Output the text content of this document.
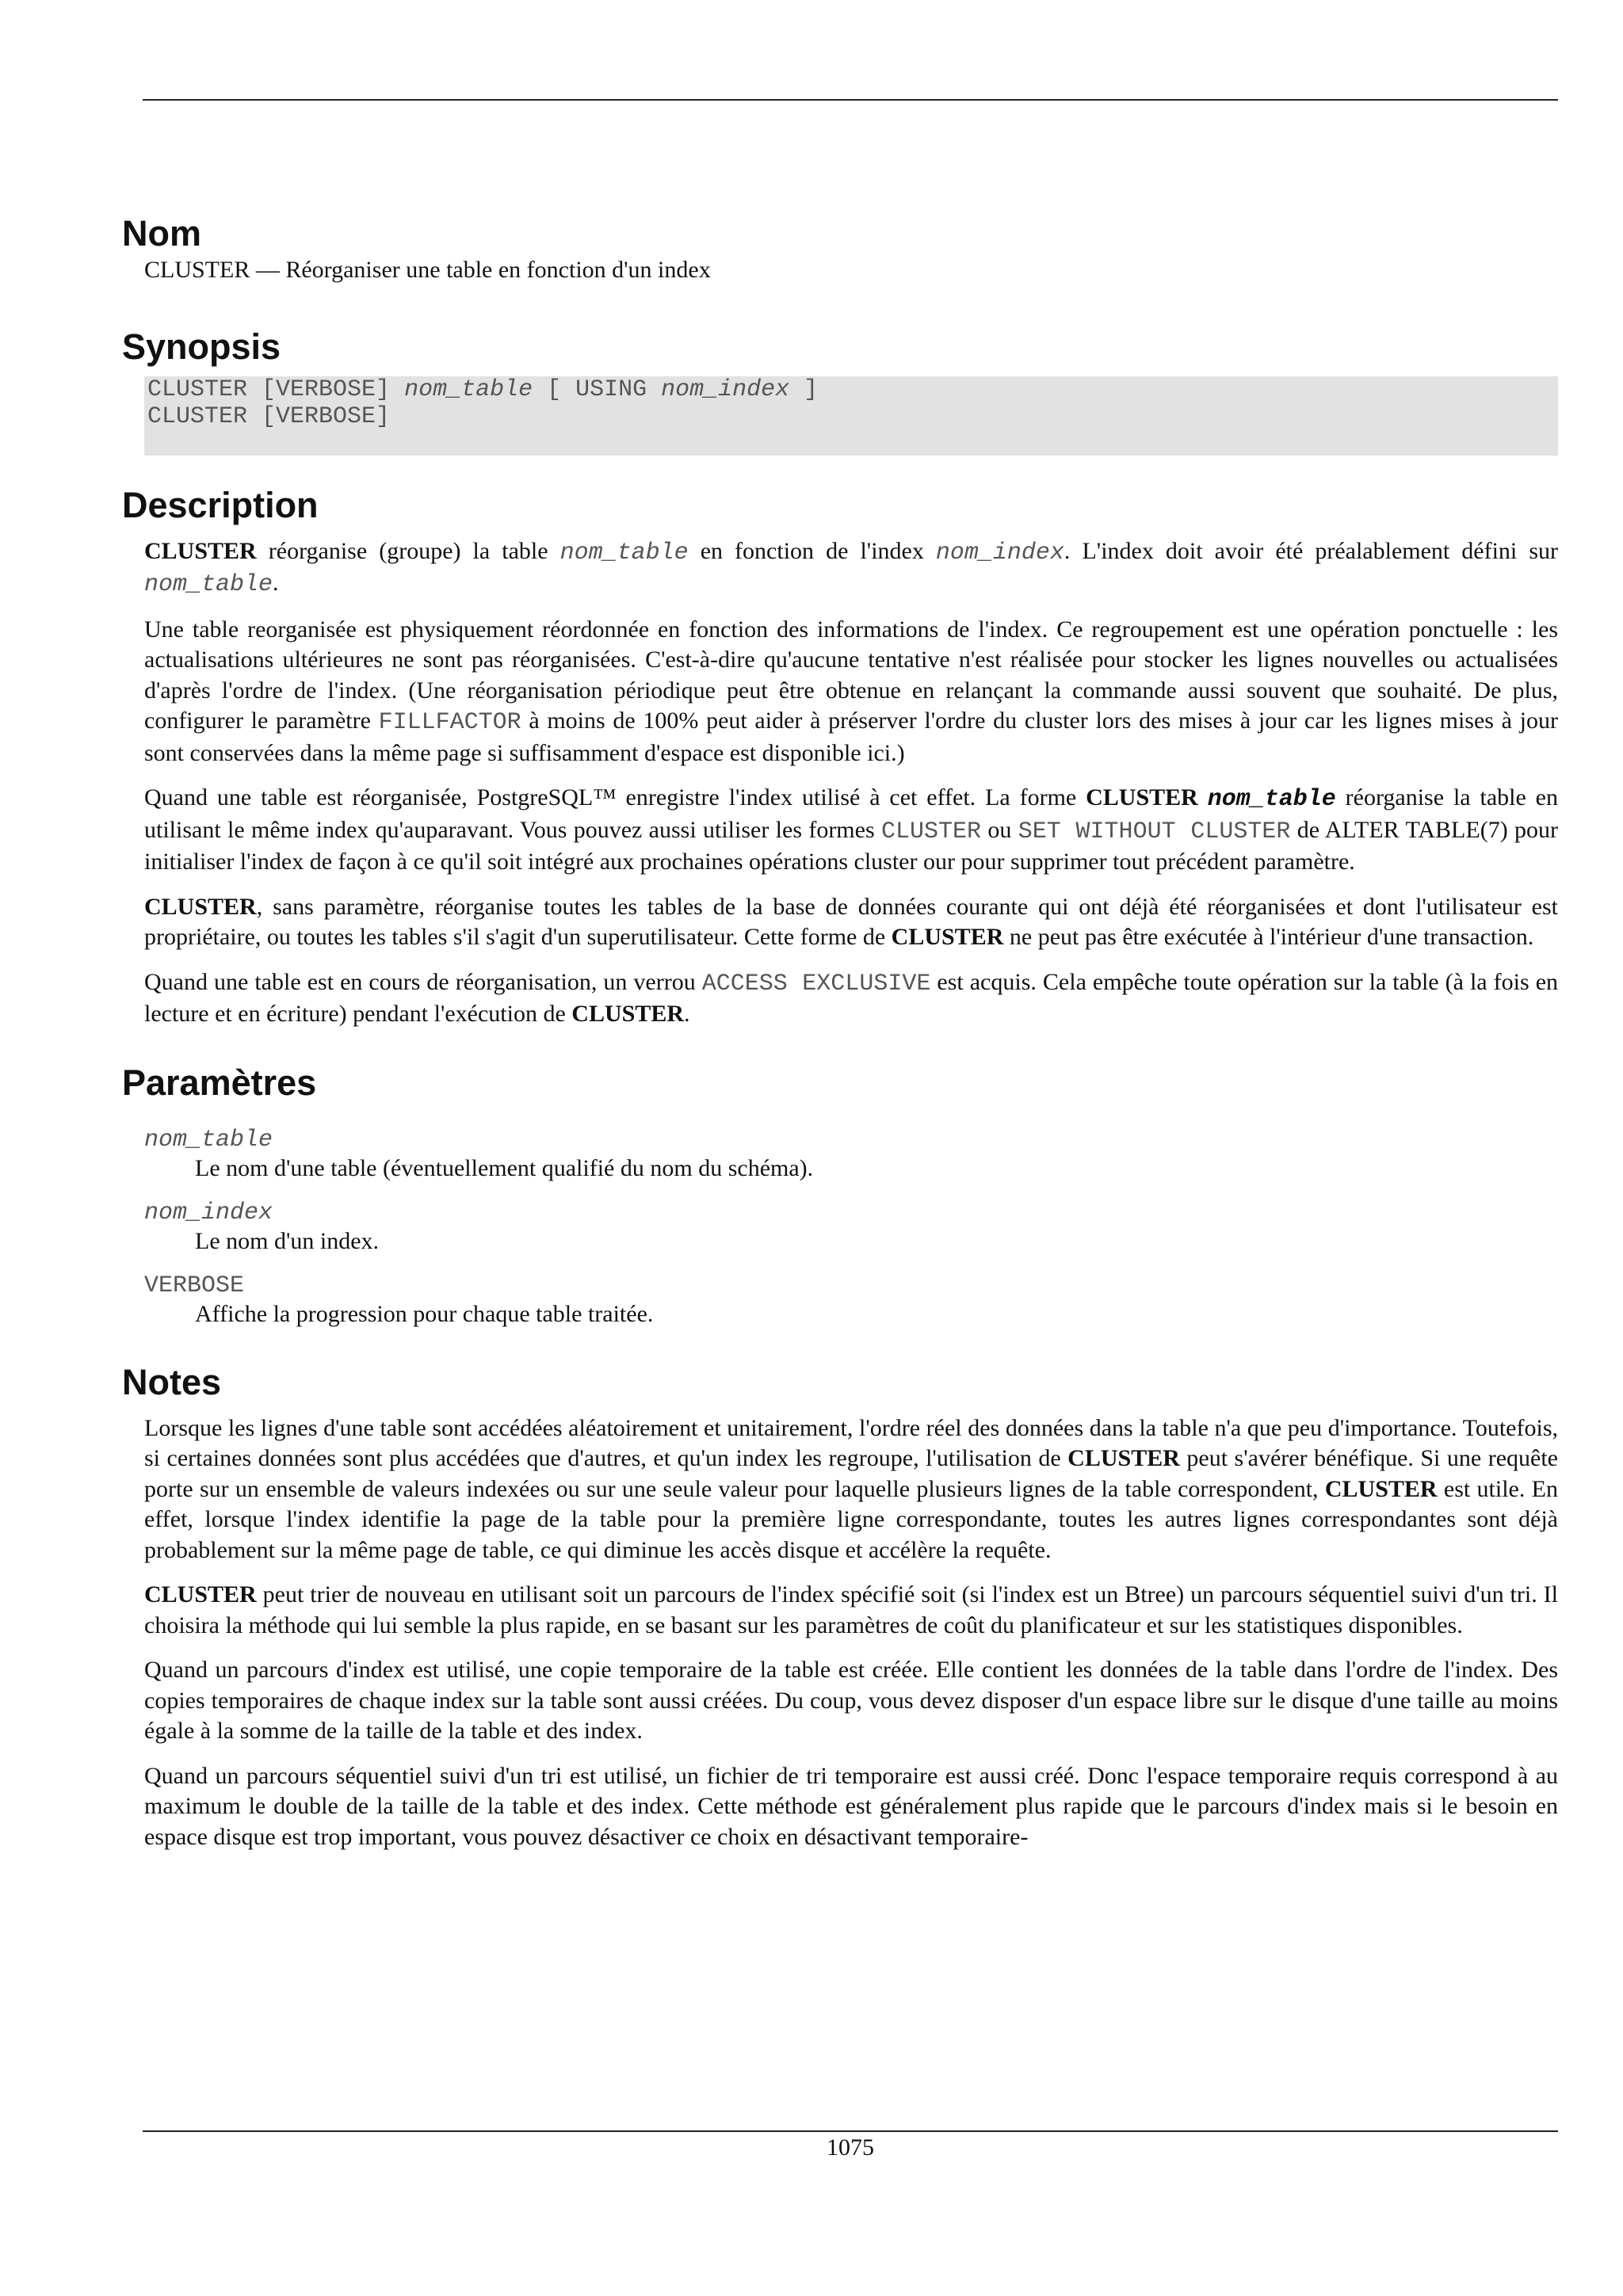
Nom
CLUSTER — Réorganiser une table en fonction d'un index
Synopsis
CLUSTER [VERBOSE] nom_table [ USING nom_index ]
CLUSTER [VERBOSE]
Description
CLUSTER réorganise (groupe) la table nom_table en fonction de l'index nom_index. L'index doit avoir été préalablement défini sur nom_table.
Une table reorganisée est physiquement réordonnée en fonction des informations de l'index. Ce regroupement est une opération ponctuelle : les actualisations ultérieures ne sont pas réorganisées. C'est-à-dire qu'aucune tentative n'est réalisée pour stocker les lignes nouvelles ou actualisées d'après l'ordre de l'index. (Une réorganisation périodique peut être obtenue en relançant la commande aussi souvent que souhaité. De plus, configurer le paramètre FILLFACTOR à moins de 100% peut aider à préserver l'ordre du cluster lors des mises à jour car les lignes mises à jour sont conservées dans la même page si suffisamment d'espace est disponible ici.)
Quand une table est réorganisée, PostgreSQL™ enregistre l'index utilisé à cet effet. La forme CLUSTER nom_table réorganise la table en utilisant le même index qu'auparavant. Vous pouvez aussi utiliser les formes CLUSTER ou SET WITHOUT CLUSTER de ALTER TABLE(7) pour initialiser l'index de façon à ce qu'il soit intégré aux prochaines opérations cluster our pour supprimer tout précédent paramètre.
CLUSTER, sans paramètre, réorganise toutes les tables de la base de données courante qui ont déjà été réorganisées et dont l'utilisateur est propriétaire, ou toutes les tables s'il s'agit d'un superutilisateur. Cette forme de CLUSTER ne peut pas être exécutée à l'intérieur d'une transaction.
Quand une table est en cours de réorganisation, un verrou ACCESS EXCLUSIVE est acquis. Cela empêche toute opération sur la table (à la fois en lecture et en écriture) pendant l'exécution de CLUSTER.
Paramètres
nom_table
Le nom d'une table (éventuellement qualifié du nom du schéma).
nom_index
Le nom d'un index.
VERBOSE
Affiche la progression pour chaque table traitée.
Notes
Lorsque les lignes d'une table sont accédées aléatoirement et unitairement, l'ordre réel des données dans la table n'a que peu d'importance. Toutefois, si certaines données sont plus accédées que d'autres, et qu'un index les regroupe, l'utilisation de CLUSTER peut s'avérer bénéfique. Si une requête porte sur un ensemble de valeurs indexées ou sur une seule valeur pour laquelle plusieurs lignes de la table correspondent, CLUSTER est utile. En effet, lorsque l'index identifie la page de la table pour la première ligne correspondante, toutes les autres lignes correspondantes sont déjà probablement sur la même page de table, ce qui diminue les accès disque et accélère la requête.
CLUSTER peut trier de nouveau en utilisant soit un parcours de l'index spécifié soit (si l'index est un Btree) un parcours séquentiel suivi d'un tri. Il choisira la méthode qui lui semble la plus rapide, en se basant sur les paramètres de coût du planificateur et sur les statistiques disponibles.
Quand un parcours d'index est utilisé, une copie temporaire de la table est créée. Elle contient les données de la table dans l'ordre de l'index. Des copies temporaires de chaque index sur la table sont aussi créées. Du coup, vous devez disposer d'un espace libre sur le disque d'une taille au moins égale à la somme de la taille de la table et des index.
Quand un parcours séquentiel suivi d'un tri est utilisé, un fichier de tri temporaire est aussi créé. Donc l'espace temporaire requis correspond à au maximum le double de la taille de la table et des index. Cette méthode est généralement plus rapide que le parcours d'index mais si le besoin en espace disque est trop important, vous pouvez désactiver ce choix en désactivant temporaire-
1075
